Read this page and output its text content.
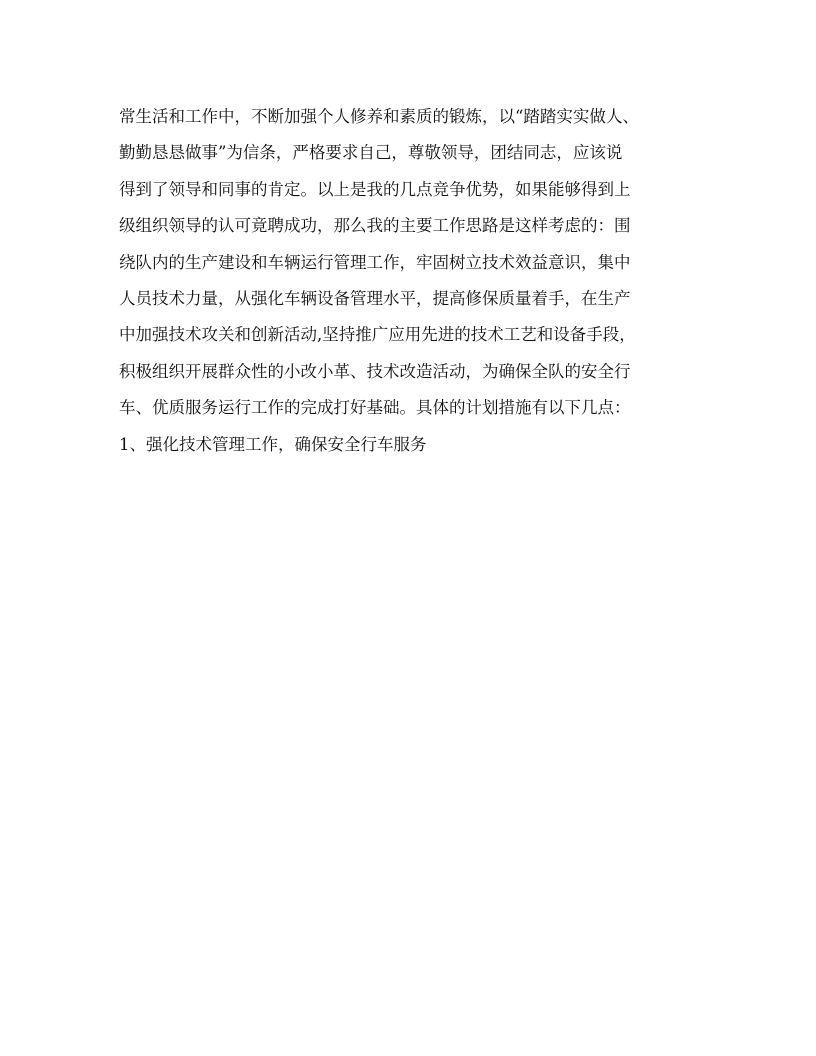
常生活和工作中，不断加强个人修养和素质的锻炼，以“踏踏实实做人、
勤勤恳恳做事”为信条，严格要求自己，尊敬领导，团结同志，应该说
得到了领导和同事的肯定。以上是我的几点竞争优势，如果能够得到上
级组织领导的认可竟聘成功，那么我的主要工作思路是这样考虑的：围
绕队内的生产建设和车辆运行管理工作，牢固树立技术效益意识，集中
人员技术力量，从强化车辆设备管理水平，提高修保质量着手，在生产
中加强技术攻关和创新活动,坚持推广应用先进的技术工艺和设备手段，
积极组织开展群众性的小改小革、技术改造活动，为确保全队的安全行
车、优质服务运行工作的完成打好基础。具体的计划措施有以下几点：
1、强化技术管理工作，确保安全行车服务
